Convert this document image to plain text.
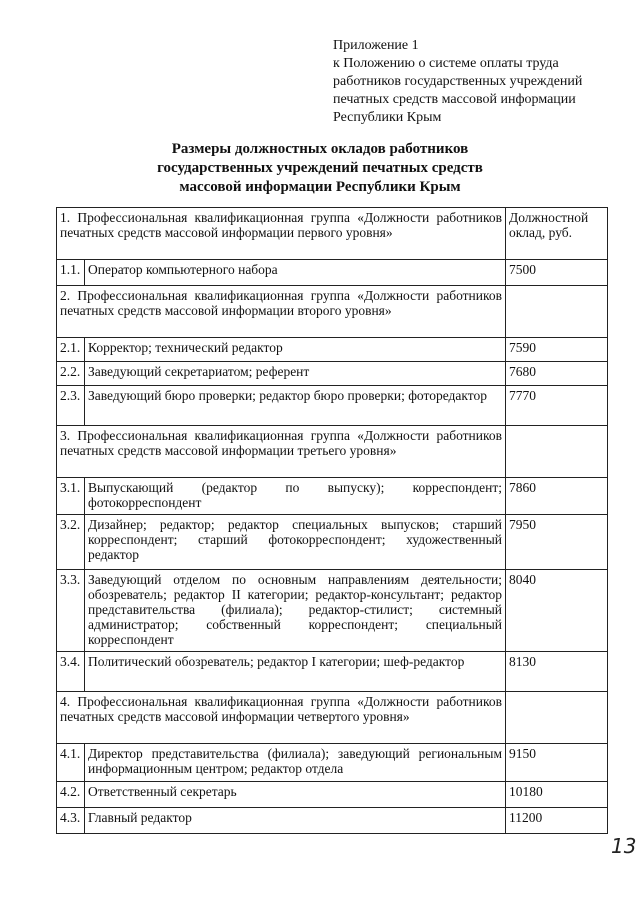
Приложение 1
к Положению о системе оплаты труда
работников государственных учреждений
печатных средств массовой информации
Республики Крым
Размеры должностных окладов работников
государственных учреждений печатных средств
массовой информации Республики Крым
1. Профессиональная квалификационная группа «Должности работников печатных средств массовой информации первого уровня»		Должностной оклад, руб.
1.1.	Оператор компьютерного набора	7500
2. Профессиональная квалификационная группа «Должности работников печатных средств массовой информации второго уровня»		
2.1.	Корректор; технический редактор	7590
2.2.	Заведующий секретариатом; референт	7680
2.3.	Заведующий бюро проверки; редактор бюро проверки; фоторедактор	7770
3. Профессиональная квалификационная группа «Должности работников печатных средств массовой информации третьего уровня»		
3.1.	Выпускающий (редактор по выпуску); корреспондент; фотокорреспондент	7860
3.2.	Дизайнер; редактор; редактор специальных выпусков; старший корреспондент; старший фотокорреспондент; художественный редактор	7950
3.3.	Заведующий отделом по основным направлениям деятельности; обозреватель; редактор II категории; редактор-консультант; редактор представительства (филиала); редактор-стилист; системный администратор; собственный корреспондент; специальный корреспондент	8040
3.4.	Политический обозреватель; редактор I категории; шеф-редактор	8130
4. Профессиональная квалификационная группа «Должности работников печатных средств массовой информации четвертого уровня»		
4.1.	Директор представительства (филиала); заведующий региональным информационным центром; редактор отдела	9150
4.2.	Ответственный секретарь	10180
4.3.	Главный редактор	11200
13
